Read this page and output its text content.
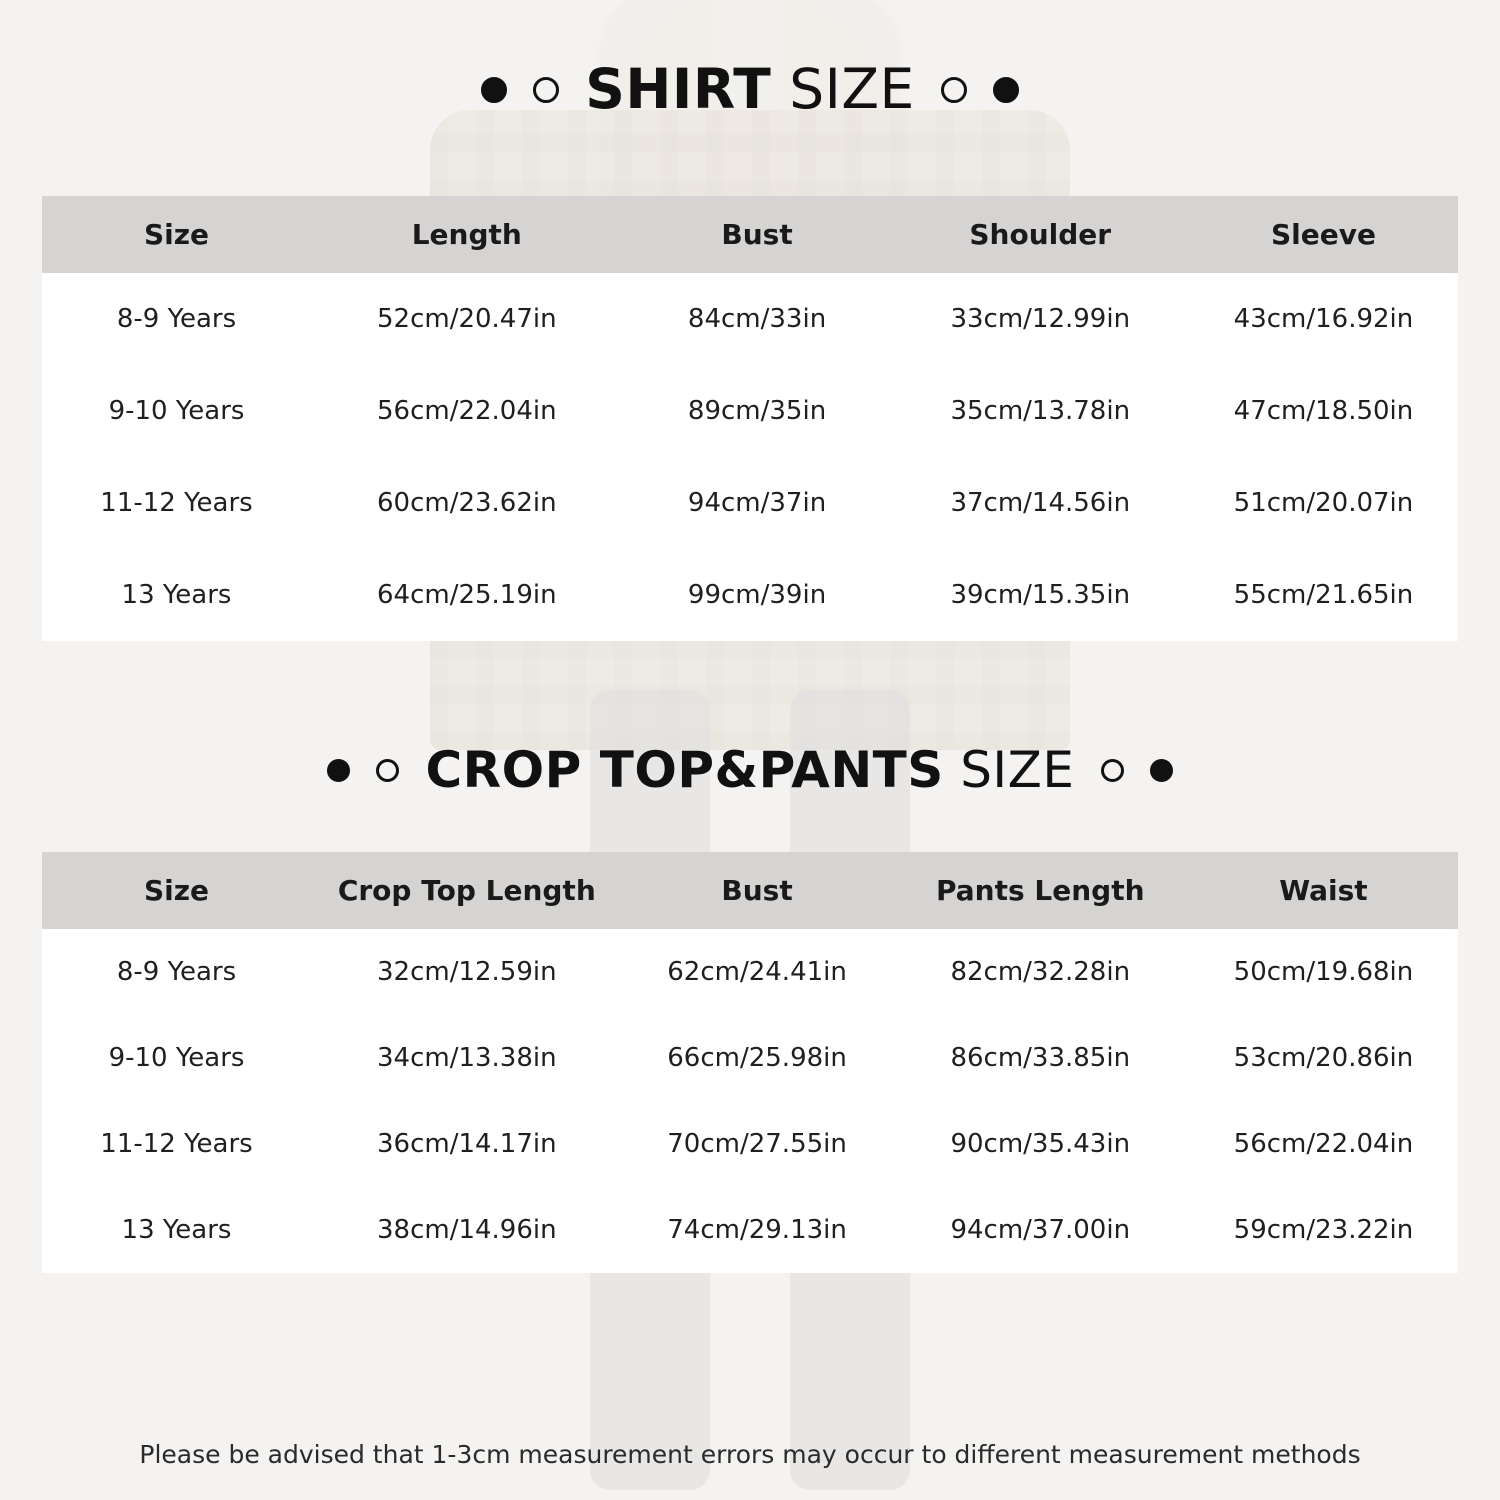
SHIRT SIZE
Size	Length	Bust	Shoulder	Sleeve
8-9 Years	52cm/20.47in	84cm/33in	33cm/12.99in	43cm/16.92in
9-10 Years	56cm/22.04in	89cm/35in	35cm/13.78in	47cm/18.50in
11-12 Years	60cm/23.62in	94cm/37in	37cm/14.56in	51cm/20.07in
13 Years	64cm/25.19in	99cm/39in	39cm/15.35in	55cm/21.65in
CROP TOP&PANTS SIZE
Size	Crop Top Length	Bust	Pants Length	Waist
8-9 Years	32cm/12.59in	62cm/24.41in	82cm/32.28in	50cm/19.68in
9-10 Years	34cm/13.38in	66cm/25.98in	86cm/33.85in	53cm/20.86in
11-12 Years	36cm/14.17in	70cm/27.55in	90cm/35.43in	56cm/22.04in
13 Years	38cm/14.96in	74cm/29.13in	94cm/37.00in	59cm/23.22in
Please be advised that 1-3cm measurement errors may occur to different measurement methods
